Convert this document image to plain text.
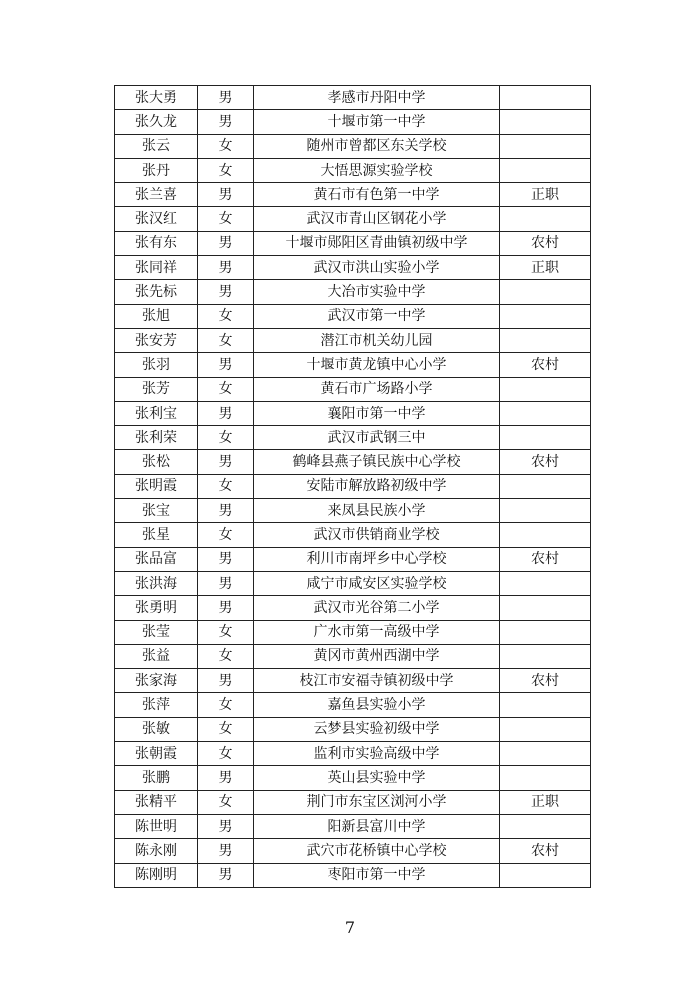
张大勇	男	孝感市丹阳中学	
张久龙	男	十堰市第一中学	
张云	女	随州市曾都区东关学校	
张丹	女	大悟思源实验学校	
张兰喜	男	黄石市有色第一中学	正职
张汉红	女	武汉市青山区钢花小学	
张有东	男	十堰市郧阳区青曲镇初级中学	农村
张同祥	男	武汉市洪山实验小学	正职
张先标	男	大冶市实验中学	
张旭	女	武汉市第一中学	
张安芳	女	潜江市机关幼儿园	
张羽	男	十堰市黄龙镇中心小学	农村
张芳	女	黄石市广场路小学	
张利宝	男	襄阳市第一中学	
张利荣	女	武汉市武钢三中	
张松	男	鹤峰县燕子镇民族中心学校	农村
张明霞	女	安陆市解放路初级中学	
张宝	男	来凤县民族小学	
张星	女	武汉市供销商业学校	
张品富	男	利川市南坪乡中心学校	农村
张洪海	男	咸宁市咸安区实验学校	
张勇明	男	武汉市光谷第二小学	
张莹	女	广水市第一高级中学	
张益	女	黄冈市黄州西湖中学	
张家海	男	枝江市安福寺镇初级中学	农村
张萍	女	嘉鱼县实验小学	
张敏	女	云梦县实验初级中学	
张朝霞	女	监利市实验高级中学	
张鹏	男	英山县实验中学	
张精平	女	荆门市东宝区浏河小学	正职
陈世明	男	阳新县富川中学	
陈永刚	男	武穴市花桥镇中心学校	农村
陈刚明	男	枣阳市第一中学	
7
